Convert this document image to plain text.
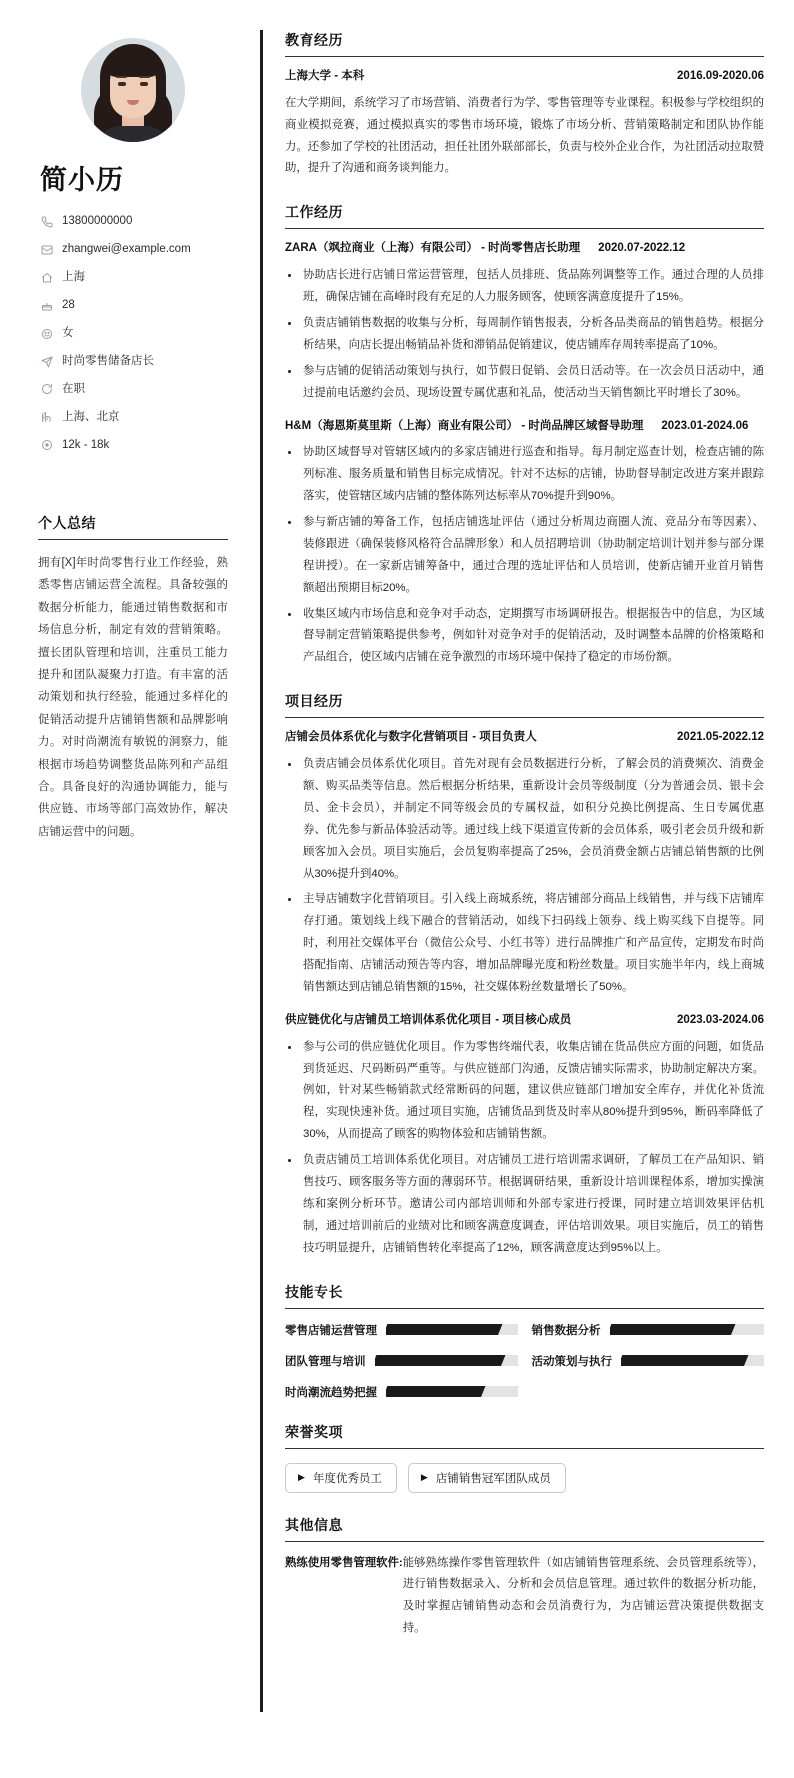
简小历
13800000000
zhangwei@example.com
上海
28
女
时尚零售储备店长
在职
上海、北京
12k - 18k
个人总结

拥有[X]年时尚零售行业工作经验，熟悉零售店铺运营全流程。具备较强的数据分析能力，能通过销售数据和市场信息分析，制定有效的营销策略。擅长团队管理和培训，注重员工能力提升和团队凝聚力打造。有丰富的活动策划和执行经验，能通过多样化的促销活动提升店铺销售额和品牌影响力。对时尚潮流有敏锐的洞察力，能根据市场趋势调整货品陈列和产品组合。具备良好的沟通协调能力，能与供应链、市场等部门高效协作，解决店铺运营中的问题。

教育经历
上海大学 - 本科	2016.09-2020.06

在大学期间，系统学习了市场营销、消费者行为学、零售管理等专业课程。积极参与学校组织的商业模拟竞赛，通过模拟真实的零售市场环境，锻炼了市场分析、营销策略制定和团队协作能力。还参加了学校的社团活动，担任社团外联部部长，负责与校外企业合作，为社团活动拉取赞助，提升了沟通和商务谈判能力。

工作经历
ZARA（飒拉商业（上海）有限公司） - 时尚零售店长助理 2020.07-2022.12
协助店长进行店铺日常运营管理，包括人员排班、货品陈列调整等工作。通过合理的人员排班，确保店铺在高峰时段有充足的人力服务顾客，使顾客满意度提升了15%。
负责店铺销售数据的收集与分析，每周制作销售报表，分析各品类商品的销售趋势。根据分析结果，向店长提出畅销品补货和滞销品促销建议，使店铺库存周转率提高了10%。
参与店铺的促销活动策划与执行，如节假日促销、会员日活动等。在一次会员日活动中，通过提前电话邀约会员、现场设置专属优惠和礼品，使活动当天销售额比平时增长了30%。
H&M（海恩斯莫里斯（上海）商业有限公司） - 时尚品牌区域督导助理 2023.01-2024.06
协助区域督导对管辖区域内的多家店铺进行巡查和指导。每月制定巡查计划，检查店铺的陈列标准、服务质量和销售目标完成情况。针对不达标的店铺，协助督导制定改进方案并跟踪落实，使管辖区域内店铺的整体陈列达标率从70%提升到90%。
参与新店铺的筹备工作，包括店铺选址评估（通过分析周边商圈人流、竞品分布等因素）、装修跟进（确保装修风格符合品牌形象）和人员招聘培训（协助制定培训计划并参与部分课程讲授）。在一家新店铺筹备中，通过合理的选址评估和人员培训，使新店铺开业首月销售额超出预期目标20%。
收集区域内市场信息和竞争对手动态，定期撰写市场调研报告。根据报告中的信息，为区域督导制定营销策略提供参考，例如针对竞争对手的促销活动，及时调整本品牌的价格策略和产品组合，使区域内店铺在竞争激烈的市场环境中保持了稳定的市场份额。
项目经历
店铺会员体系优化与数字化营销项目 - 项目负责人	2021.05-2022.12
负责店铺会员体系优化项目。首先对现有会员数据进行分析，了解会员的消费频次、消费金额、购买品类等信息。然后根据分析结果，重新设计会员等级制度（分为普通会员、银卡会员、金卡会员），并制定不同等级会员的专属权益，如积分兑换比例提高、生日专属优惠券、优先参与新品体验活动等。通过线上线下渠道宣传新的会员体系，吸引老会员升级和新顾客加入会员。项目实施后，会员复购率提高了25%，会员消费金额占店铺总销售额的比例从30%提升到40%。
主导店铺数字化营销项目。引入线上商城系统，将店铺部分商品上线销售，并与线下店铺库存打通。策划线上线下融合的营销活动，如线下扫码线上领券、线上购买线下自提等。同时，利用社交媒体平台（微信公众号、小红书等）进行品牌推广和产品宣传，定期发布时尚搭配指南、店铺活动预告等内容，增加品牌曝光度和粉丝数量。项目实施半年内，线上商城销售额达到店铺总销售额的15%，社交媒体粉丝数量增长了50%。
供应链优化与店铺员工培训体系优化项目 - 项目核心成员	2023.03-2024.06
参与公司的供应链优化项目。作为零售终端代表，收集店铺在货品供应方面的问题，如货品到货延迟、尺码断码严重等。与供应链部门沟通，反馈店铺实际需求，协助制定解决方案。例如，针对某些畅销款式经常断码的问题，建议供应链部门增加安全库存，并优化补货流程，实现快速补货。通过项目实施，店铺货品到货及时率从80%提升到95%，断码率降低了30%，从而提高了顾客的购物体验和店铺销售额。
负责店铺员工培训体系优化项目。对店铺员工进行培训需求调研，了解员工在产品知识、销售技巧、顾客服务等方面的薄弱环节。根据调研结果，重新设计培训课程体系，增加实操演练和案例分析环节。邀请公司内部培训师和外部专家进行授课，同时建立培训效果评估机制，通过培训前后的业绩对比和顾客满意度调查，评估培训效果。项目实施后，员工的销售技巧明显提升，店铺销售转化率提高了12%，顾客满意度达到95%以上。
技能专长
零售店铺运营管理	销售数据分析
团队管理与培训	活动策划与执行
时尚潮流趋势把握
荣誉奖项
▶ 年度优秀员工	▶ 店铺销售冠军团队成员
其他信息
熟练使用零售管理软件: 能够熟练操作零售管理软件（如店铺销售管理系统、会员管理系统等），进行销售数据录入、分析和会员信息管理。通过软件的数据分析功能，及时掌握店铺销售动态和会员消费行为，为店铺运营决策提供数据支持。
